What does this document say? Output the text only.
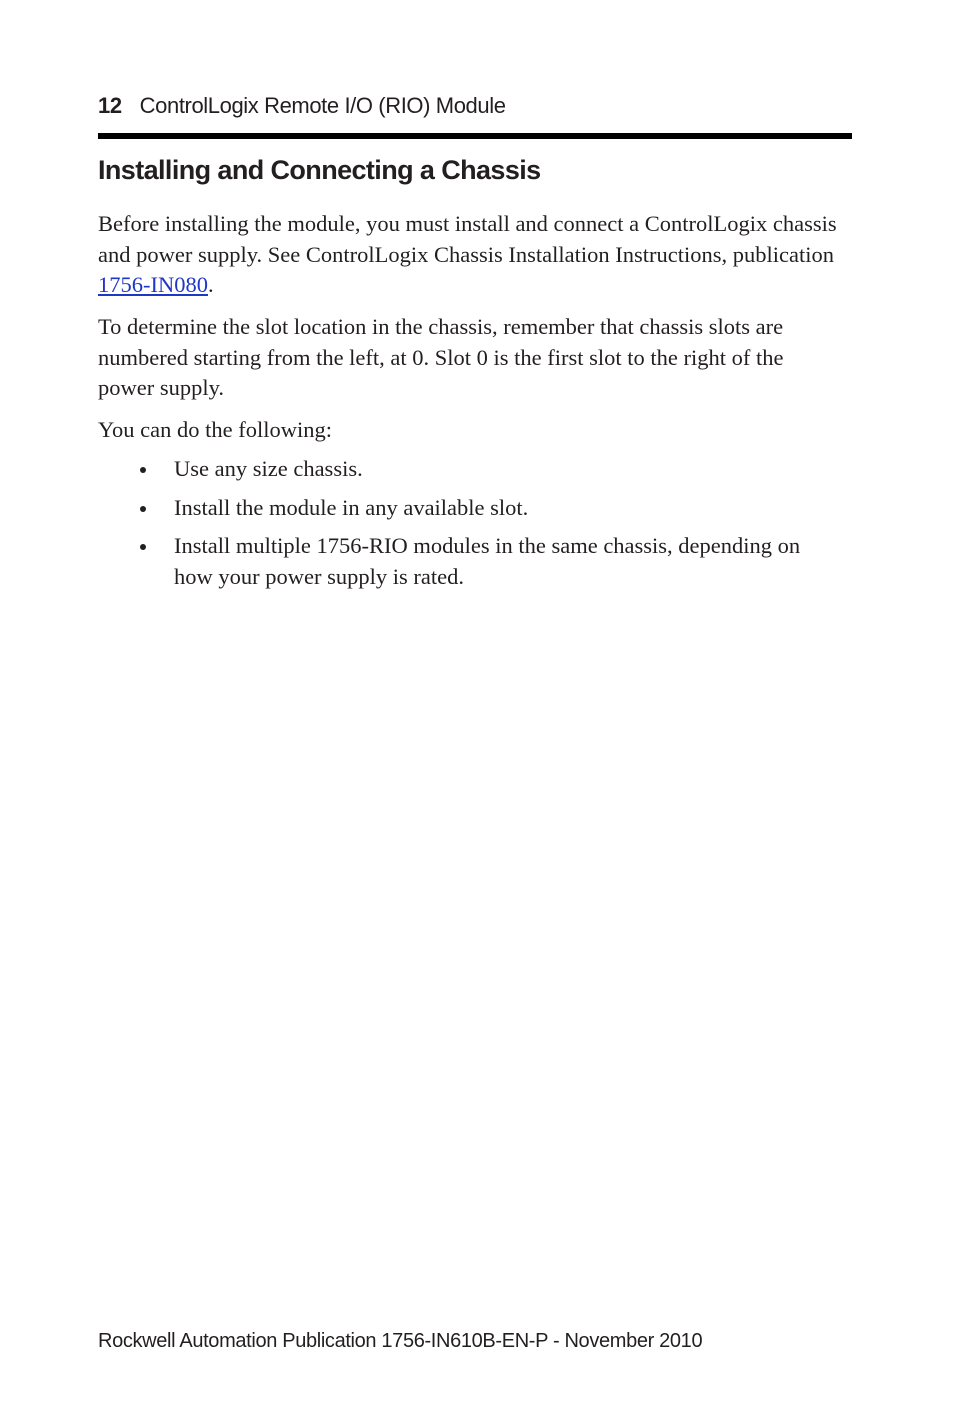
12 ControlLogix Remote I/O (RIO) Module
Installing and Connecting a Chassis

Before installing the module, you must install and connect a ControlLogix chassis and power supply. See ControlLogix Chassis Installation Instructions, publication 1756-IN080.

To determine the slot location in the chassis, remember that chassis slots are numbered starting from the left, at 0. Slot 0 is the first slot to the right of the power supply.

You can do the following:

Use any size chassis.
Install the module in any available slot.
Install multiple 1756-RIO modules in the same chassis, depending on how your power supply is rated.
Rockwell Automation Publication 1756-IN610B-EN-P - November 2010
